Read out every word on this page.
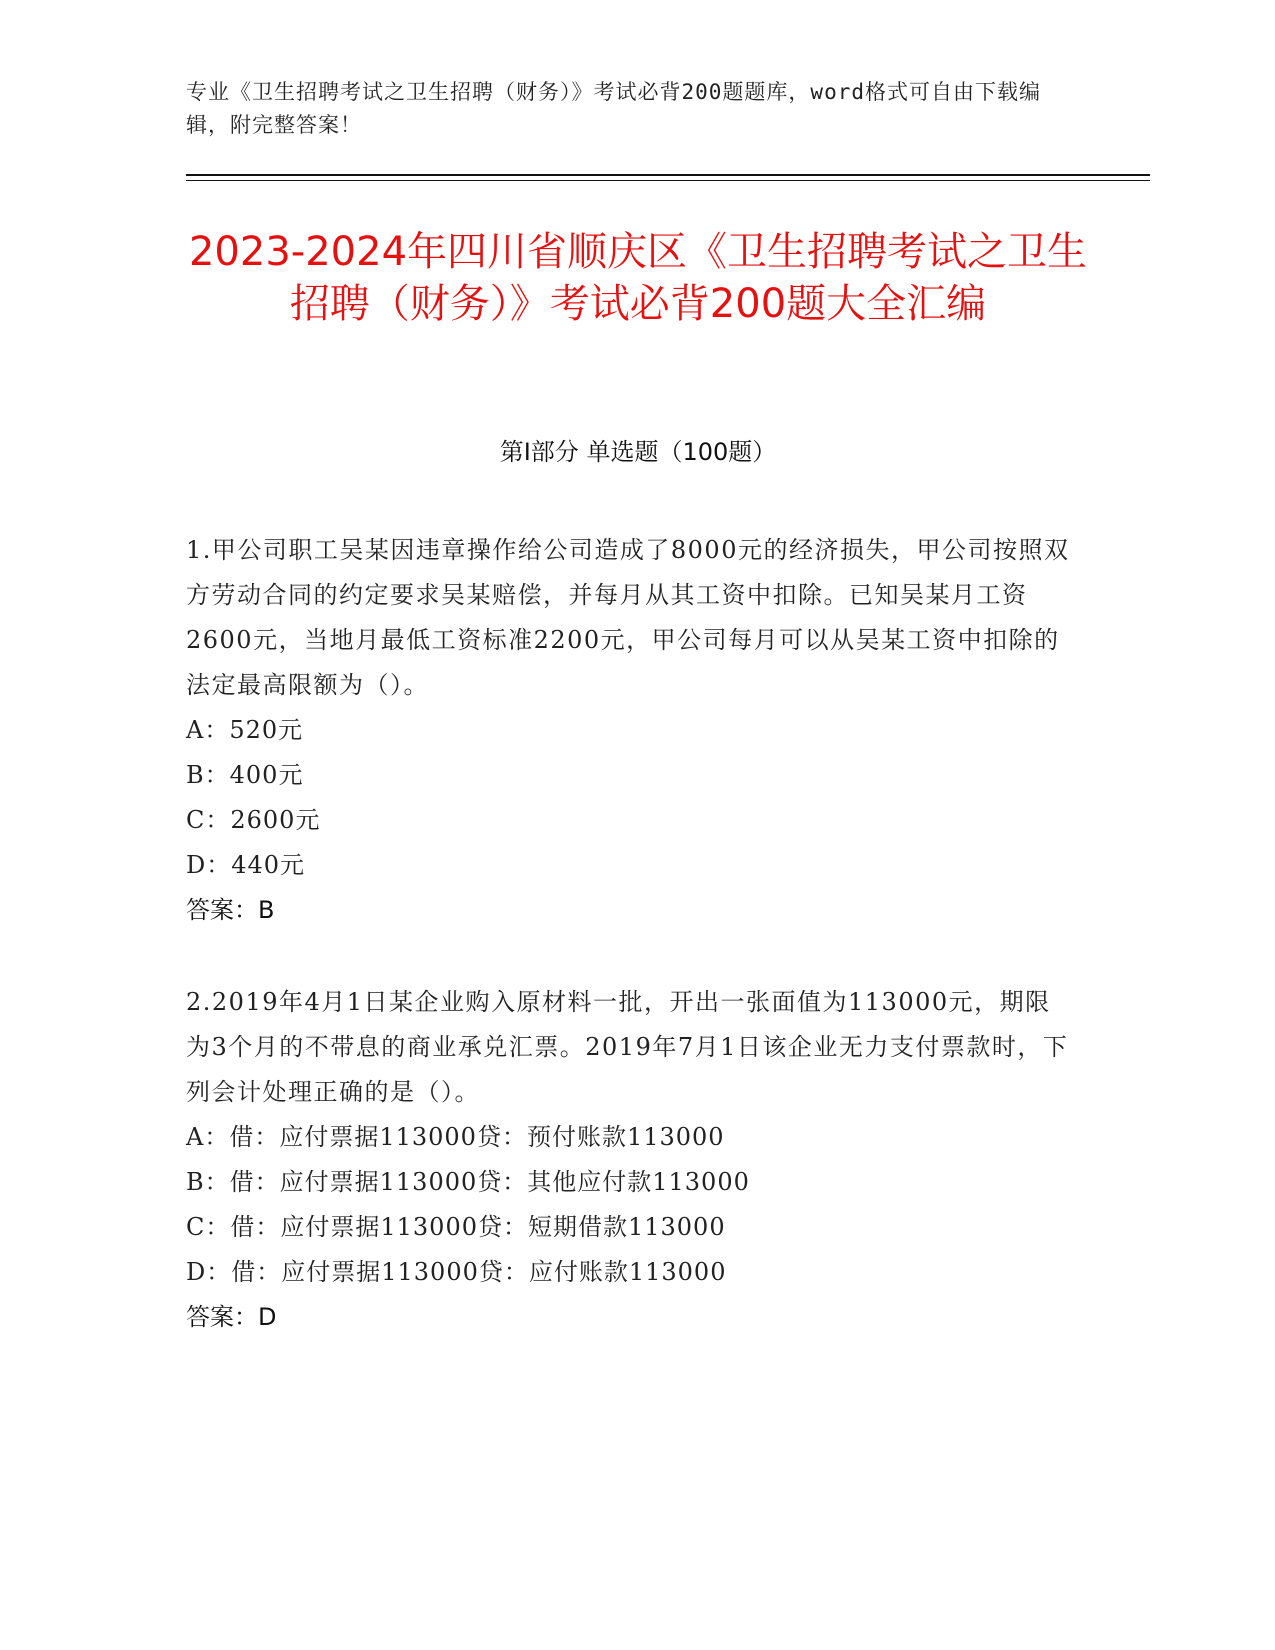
专业《卫生招聘考试之卫生招聘（财务）》考试必背200题题库，word格式可自由下载编辑，附完整答案！
2023-2024年四川省顺庆区《卫生招聘考试之卫生招聘（财务）》考试必背200题大全汇编
第Ⅰ部分 单选题（100题）

1.甲公司职工吴某因违章操作给公司造成了8000元的经济损失，甲公司按照双方劳动合同的约定要求吴某赔偿，并每月从其工资中扣除。已知吴某月工资2600元，当地月最低工资标准2200元，甲公司每月可以从吴某工资中扣除的法定最高限额为（）。

A：520元

B：400元

C：2600元

D：440元

答案：B

2.2019年4月1日某企业购入原材料一批，开出一张面值为113000元，期限为3个月的不带息的商业承兑汇票。2019年7月1日该企业无力支付票款时，下列会计处理正确的是（）。

A：借：应付票据113000贷：预付账款113000

B：借：应付票据113000贷：其他应付款113000

C：借：应付票据113000贷：短期借款113000

D：借：应付票据113000贷：应付账款113000

答案：D
